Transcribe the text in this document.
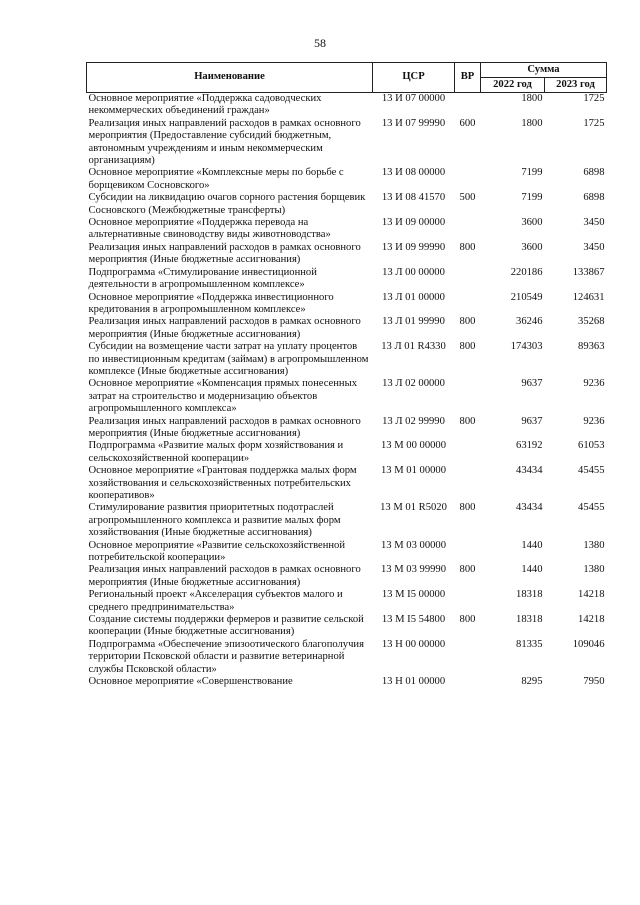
58
Наименование	ЦСР	ВР	Сумма	
			2022 год	2023 год
Основное мероприятие «Поддержка садоводческих некоммерческих объединений граждан»	13 И 07 00000		1800	1725
Реализация иных направлений расходов в рамках основного мероприятия (Предоставление субсидий бюджетным, автономным учреждениям и иным некоммерческим организациям)	13 И 07 99990	600	1800	1725
Основное мероприятие «Комплексные меры по борьбе с борщевиком Сосновского»	13 И 08 00000		7199	6898
Субсидии на ликвидацию очагов сорного растения борщевик Сосновского (Межбюджетные трансферты)	13 И 08 41570	500	7199	6898
Основное мероприятие «Поддержка перевода на альтернативные свиноводству виды животноводства»	13 И 09 00000		3600	3450
Реализация иных направлений расходов в рамках основного мероприятия (Иные бюджетные ассигнования)	13 И 09 99990	800	3600	3450
Подпрограмма «Стимулирование инвестиционной деятельности в агропромышленном комплексе»	13 Л 00 00000		220186	133867
Основное мероприятие «Поддержка инвестиционного кредитования в агропромышленном комплексе»	13 Л 01 00000		210549	124631
Реализация иных направлений расходов в рамках основного мероприятия (Иные бюджетные ассигнования)	13 Л 01 99990	800	36246	35268
Субсидии на возмещение части затрат на уплату процентов по инвестиционным кредитам (займам) в агропромышленном комплексе (Иные бюджетные ассигнования)	13 Л 01 R4330	800	174303	89363
Основное мероприятие «Компенсация прямых понесенных затрат на строительство и модернизацию объектов агропромышленного комплекса»	13 Л 02 00000		9637	9236
Реализация иных направлений расходов в рамках основного мероприятия (Иные бюджетные ассигнования)	13 Л 02 99990	800	9637	9236
Подпрограмма «Развитие малых форм хозяйствования и сельскохозяйственной кооперации»	13 М 00 00000		63192	61053
Основное мероприятие «Грантовая поддержка малых форм хозяйствования и сельскохозяйственных потребительских кооперативов»	13 М 01 00000		43434	45455
Стимулирование развития приоритетных подотраслей агропромышленного комплекса и развитие малых форм хозяйствования (Иные бюджетные ассигнования)	13 М 01 R5020	800	43434	45455
Основное мероприятие «Развитие сельскохозяйственной потребительской кооперации»	13 М 03 00000		1440	1380
Реализация иных направлений расходов в рамках основного мероприятия (Иные бюджетные ассигнования)	13 М 03 99990	800	1440	1380
Региональный проект «Акселерация субъектов малого и среднего предпринимательства»	13 М I5 00000		18318	14218
Создание системы поддержки фермеров и развитие сельской кооперации (Иные бюджетные ассигнования)	13 М I5 54800	800	18318	14218
Подпрограмма «Обеспечение эпизоотического благополучия территории Псковской области и развитие ветеринарной службы Псковской области»	13 Н 00 00000		81335	109046
Основное мероприятие «Совершенствование	13 Н 01 00000		8295	7950
